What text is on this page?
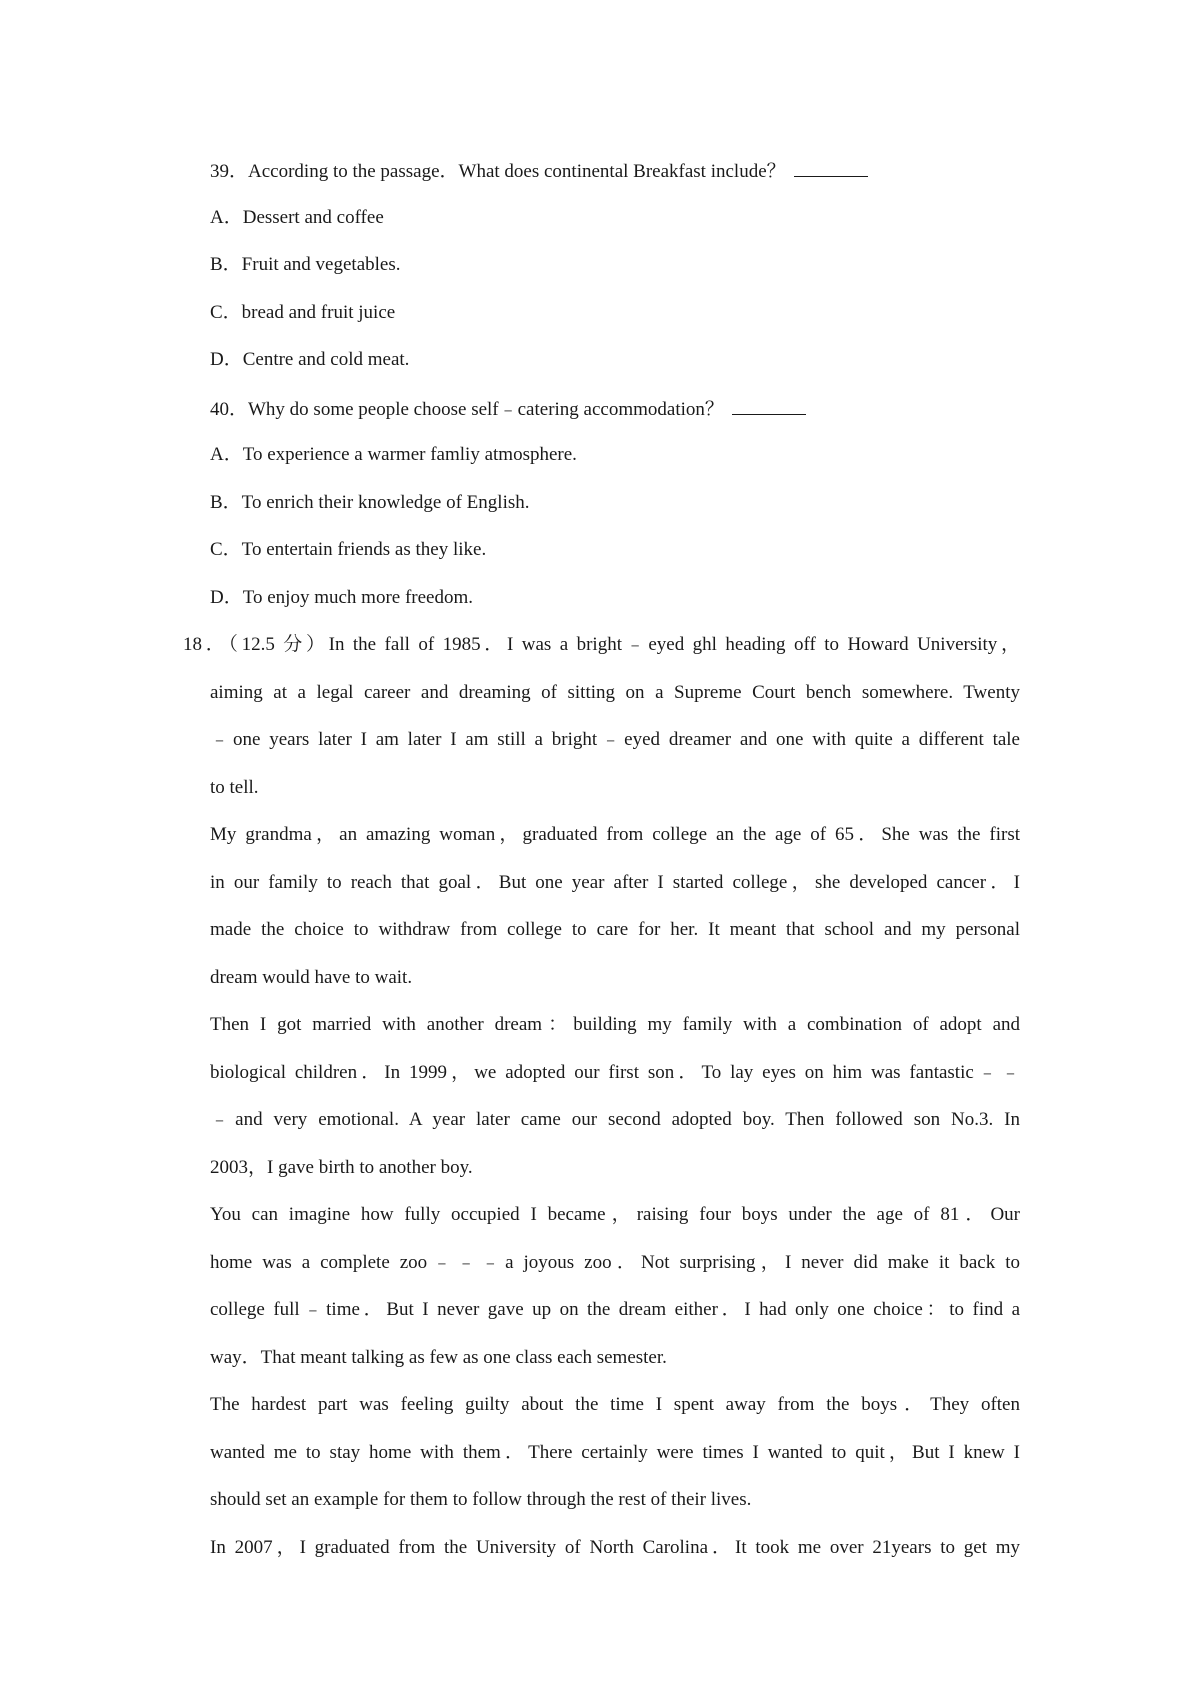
39．According to the passage．What does continental Breakfast include？
A．Dessert and coffee
B．Fruit and vegetables.
C．bread and fruit juice
D．Centre and cold meat.
40．Why do some people choose self﹣catering accommodation？
A．To experience a warmer famliy atmosphere.
B．To enrich their knowledge of English.
C．To entertain friends as they like.
D．To enjoy much more freedom.
18．（12.5 分）In the fall of 1985．I was a bright﹣eyed ghl heading off to Howard University，
aiming at a legal career and dreaming of sitting on a Supreme Court bench somewhere. Twenty
﹣one years later I am later I am still a bright﹣eyed dreamer and one with quite a different tale
to tell.
My grandma，an amazing woman，graduated from college an the age of 65．She was the first
in our family to reach that goal．But one year after I started college，she developed cancer．I
made the choice to withdraw from college to care for her. It meant that school and my personal
dream would have to wait.
Then I got married with another dream：building my family with a combination of adopt and
biological children．In 1999，we adopted our first son．To lay eyes on him was fantastic﹣﹣
﹣and very emotional. A year later came our second adopted boy. Then followed son No.3. In
2003，I gave birth to another boy.
You can imagine how fully occupied I became，raising four boys under the age of 81．Our
home was a complete zoo﹣﹣﹣a joyous zoo．Not surprising，I never did make it back to
college full﹣time．But I never gave up on the dream either．I had only one choice：to find a
way．That meant talking as few as one class each semester.
The hardest part was feeling guilty about the time I spent away from the boys．They often
wanted me to stay home with them．There certainly were times I wanted to quit，But I knew I
should set an example for them to follow through the rest of their lives.
In 2007，I graduated from the University of North Carolina．It took me over 21years to get my
